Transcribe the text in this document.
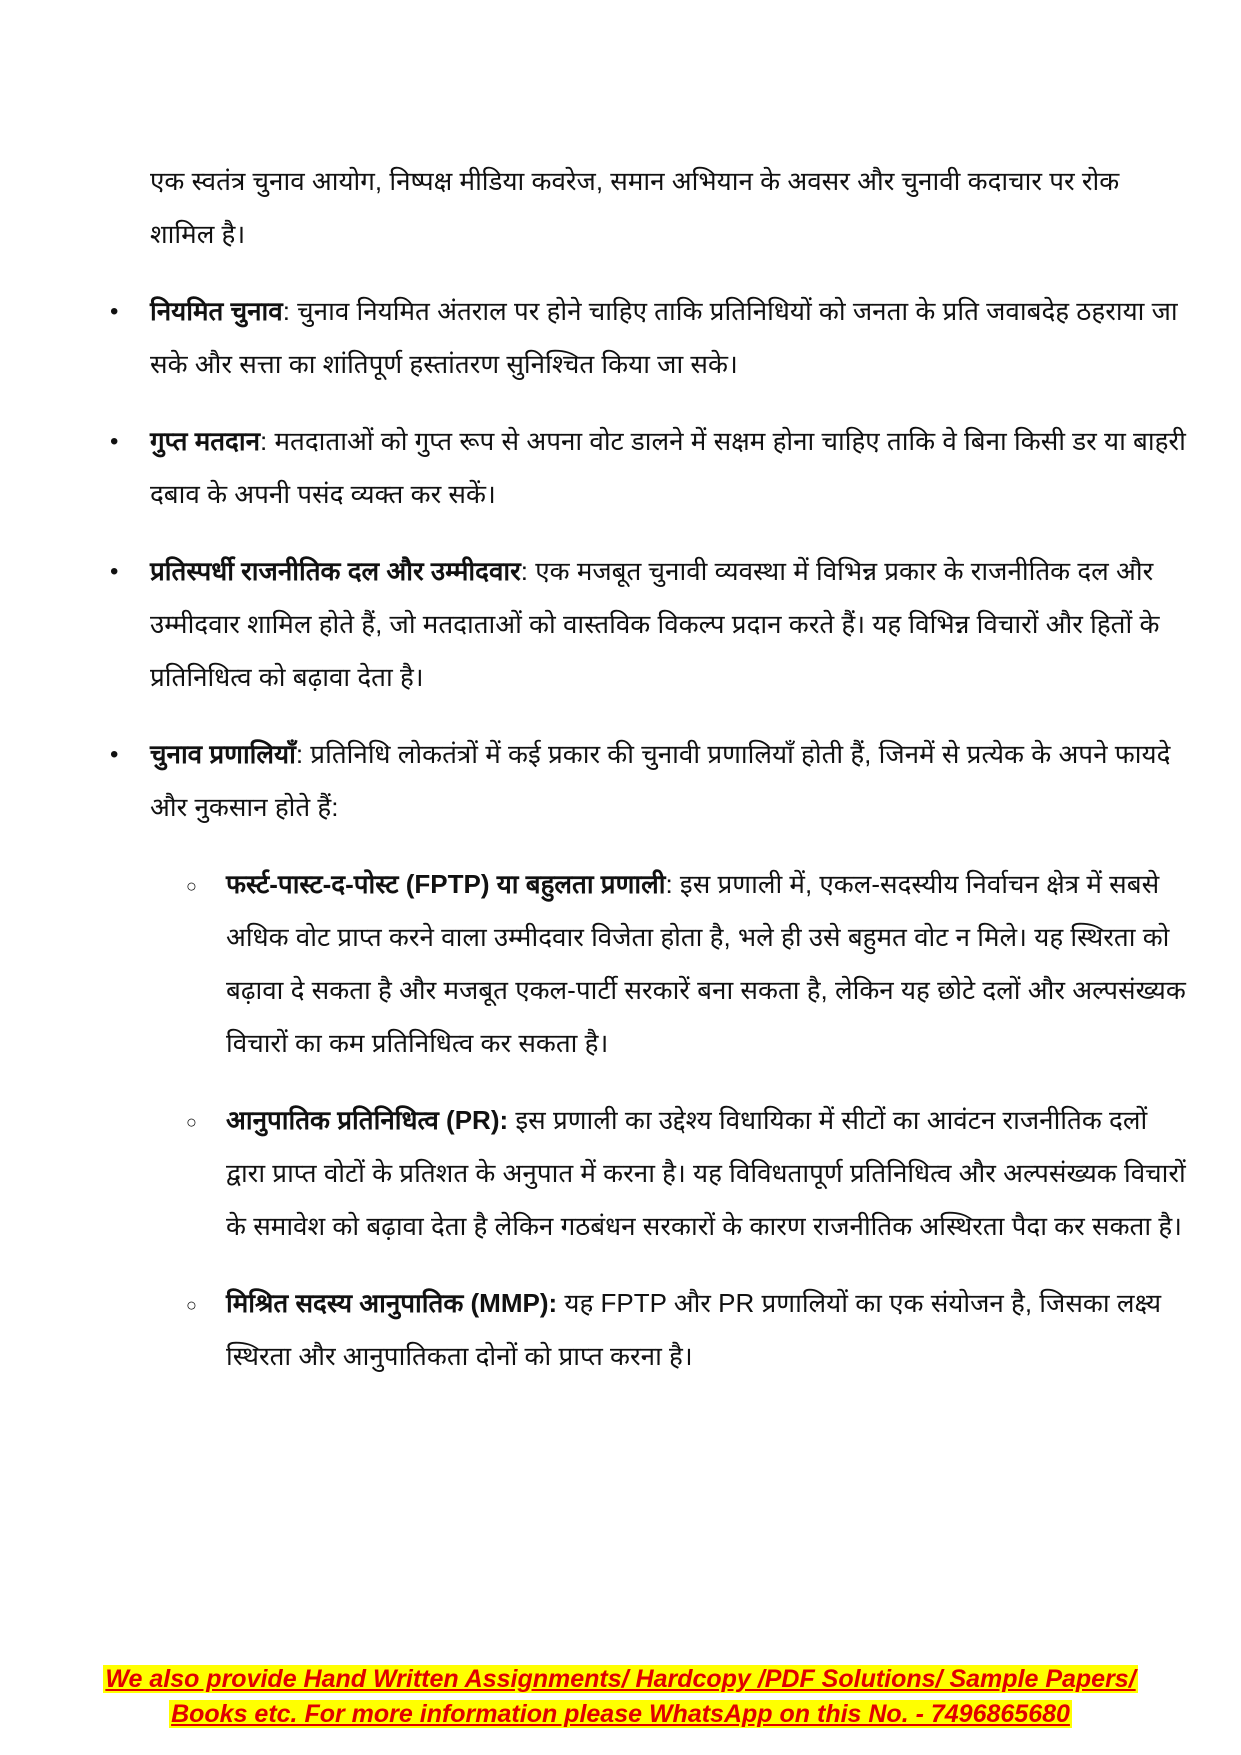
एक स्वतंत्र चुनाव आयोग, निष्पक्ष मीडिया कवरेज, समान अभियान के अवसर और चुनावी कदाचार पर रोक शामिल है।

• नियमित चुनाव: चुनाव नियमित अंतराल पर होने चाहिए ताकि प्रतिनिधियों को जनता के प्रति जवाबदेह ठहराया जा सके और सत्ता का शांतिपूर्ण हस्तांतरण सुनिश्चित किया जा सके।
• गुप्त मतदान: मतदाताओं को गुप्त रूप से अपना वोट डालने में सक्षम होना चाहिए ताकि वे बिना किसी डर या बाहरी दबाव के अपनी पसंद व्यक्त कर सकें।
• प्रतिस्पर्धी राजनीतिक दल और उम्मीदवार: एक मजबूत चुनावी व्यवस्था में विभिन्न प्रकार के राजनीतिक दल और उम्मीदवार शामिल होते हैं, जो मतदाताओं को वास्तविक विकल्प प्रदान करते हैं। यह विभिन्न विचारों और हितों के प्रतिनिधित्व को बढ़ावा देता है।
• चुनाव प्रणालियाँ: प्रतिनिधि लोकतंत्रों में कई प्रकार की चुनावी प्रणालियाँ होती हैं, जिनमें से प्रत्येक के अपने फायदे और नुकसान होते हैं:
○ फर्स्ट-पास्ट-द-पोस्ट (FPTP) या बहुलता प्रणाली: इस प्रणाली में, एकल-सदस्यीय निर्वाचन क्षेत्र में सबसे अधिक वोट प्राप्त करने वाला उम्मीदवार विजेता होता है, भले ही उसे बहुमत वोट न मिले। यह स्थिरता को बढ़ावा दे सकता है और मजबूत एकल-पार्टी सरकारें बना सकता है, लेकिन यह छोटे दलों और अल्पसंख्यक विचारों का कम प्रतिनिधित्व कर सकता है।
○ आनुपातिक प्रतिनिधित्व (PR): इस प्रणाली का उद्देश्य विधायिका में सीटों का आवंटन राजनीतिक दलों द्वारा प्राप्त वोटों के प्रतिशत के अनुपात में करना है। यह विविधतापूर्ण प्रतिनिधित्व और अल्पसंख्यक विचारों के समावेश को बढ़ावा देता है लेकिन गठबंधन सरकारों के कारण राजनीतिक अस्थिरता पैदा कर सकता है।
○ मिश्रित सदस्य आनुपातिक (MMP): यह FPTP और PR प्रणालियों का एक संयोजन है, जिसका लक्ष्य स्थिरता और आनुपातिकता दोनों को प्राप्त करना है।
We also provide Hand Written Assignments/ Hardcopy /PDF Solutions/ Sample Papers/
Books etc. For more information please WhatsApp on this No. - 7496865680
